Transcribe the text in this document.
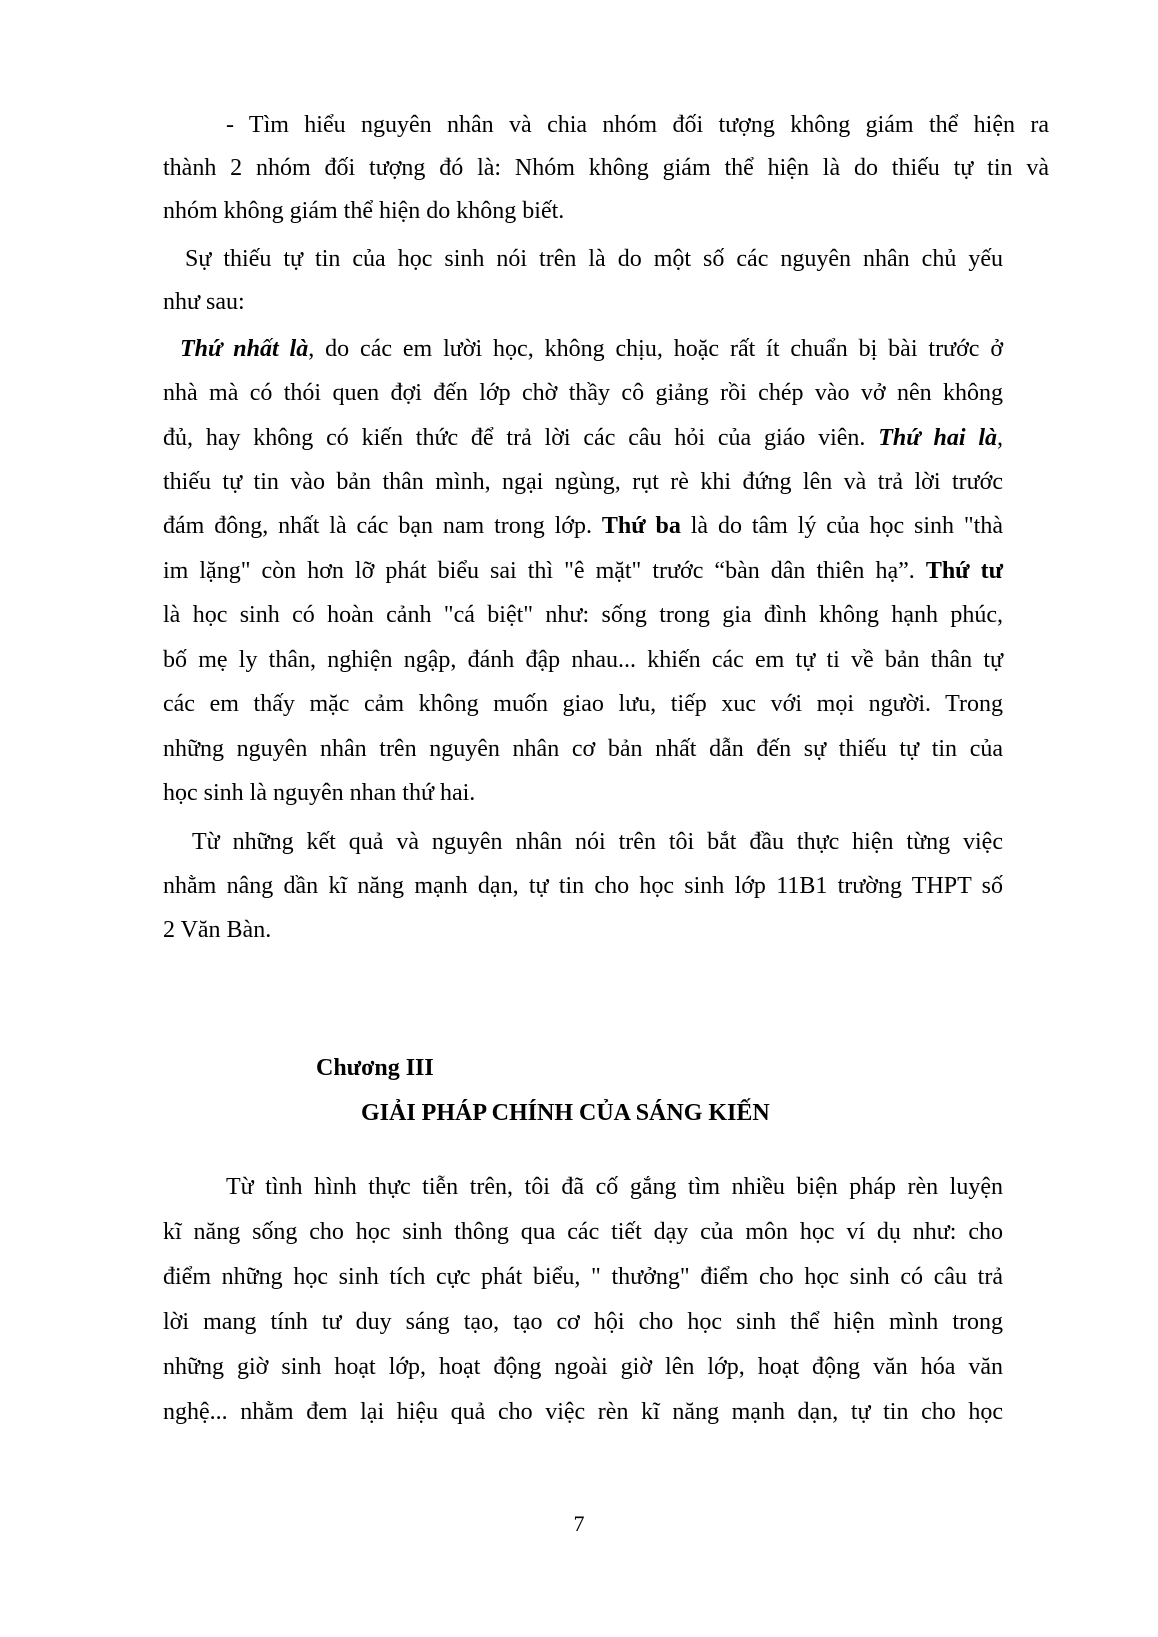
- Tìm hiểu nguyên nhân và chia nhóm đối tượng không giám thể hiện ra
thành 2 nhóm đối tượng đó là: Nhóm không giám thể hiện là do thiếu tự tin và
nhóm không giám thể hiện do không biết.
Sự thiếu tự tin của học sinh nói trên là do một số các nguyên nhân chủ yếu
như sau:
Thứ nhất là, do các em lười học, không chịu, hoặc rất ít chuẩn bị bài trước ở
nhà mà có thói quen đợi đến lớp chờ thầy cô giảng rồi chép vào vở nên không
đủ, hay không có kiến thức để trả lời các câu hỏi của giáo viên. Thứ hai là,
thiếu tự tin vào bản thân mình, ngại ngùng, rụt rè khi đứng lên và trả lời trước
đám đông, nhất là các bạn nam trong lớp. Thứ ba là do tâm lý của học sinh "thà
im lặng" còn hơn lỡ phát biểu sai thì "ê mặt" trước “bàn dân thiên hạ”. Thứ tư
là học sinh có hoàn cảnh "cá biệt" như: sống trong gia đình không hạnh phúc,
bố mẹ ly thân, nghiện ngập, đánh đập nhau... khiến các em tự ti về bản thân tự
các em thấy mặc cảm không muốn giao lưu, tiếp xuc với mọi người. Trong
những nguyên nhân trên nguyên nhân cơ bản nhất dẫn đến sự thiếu tự tin của
học sinh là nguyên nhan thứ hai.
Từ những kết quả và nguyên nhân nói trên tôi bắt đầu thực hiện từng việc
nhằm nâng dần kĩ năng mạnh dạn, tự tin cho học sinh lớp 11B1 trường THPT số
2 Văn Bàn.
Chương III
GIẢI PHÁP CHÍNH CỦA SÁNG KIẾN
Từ tình hình thực tiễn trên, tôi đã cố gắng tìm nhiều biện pháp rèn luyện
kĩ năng sống cho học sinh thông qua các tiết dạy của môn học ví dụ như: cho
điểm những học sinh tích cực phát biểu, " thưởng" điểm cho học sinh có câu trả
lời mang tính tư duy sáng tạo, tạo cơ hội cho học sinh thể hiện mình trong
những giờ sinh hoạt lớp, hoạt động ngoài giờ lên lớp, hoạt động văn hóa văn
nghệ... nhằm đem lại hiệu quả cho việc rèn kĩ năng mạnh dạn, tự tin cho học
7
